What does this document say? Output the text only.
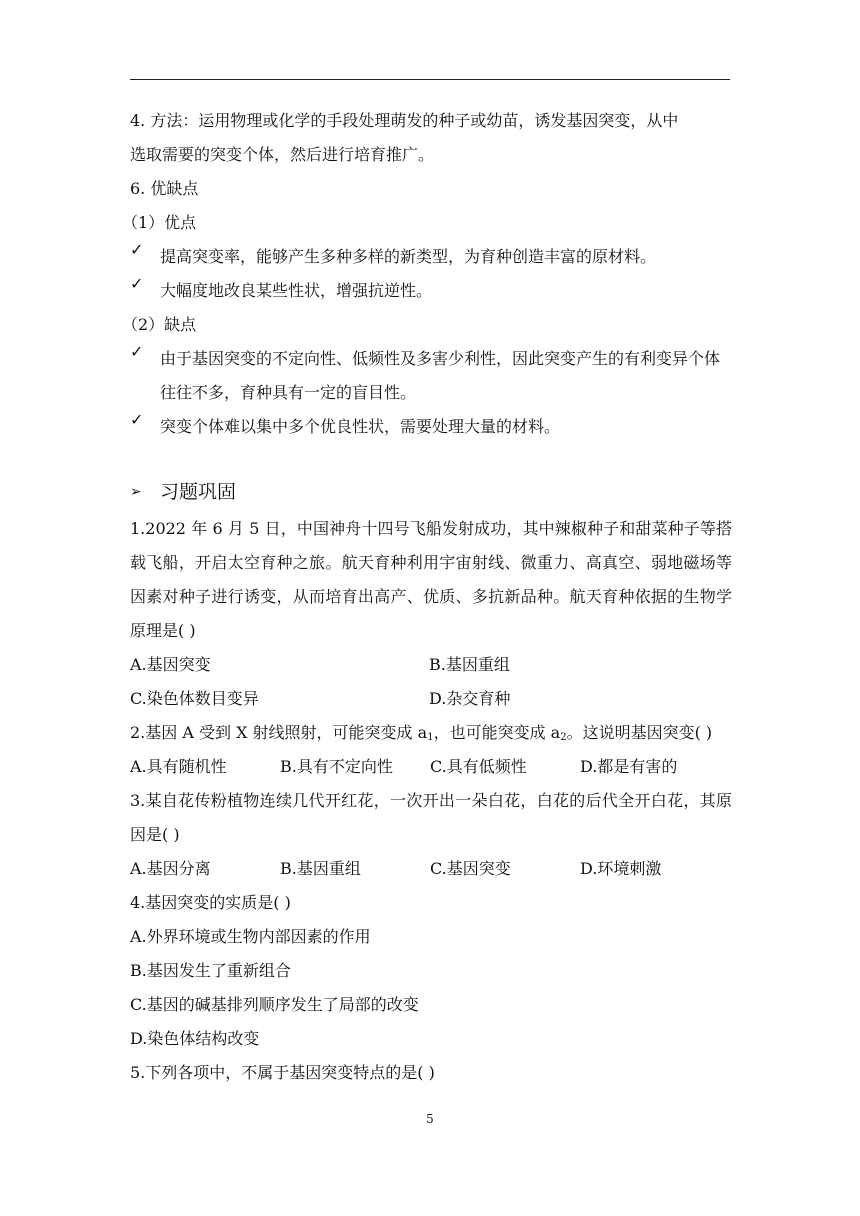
4. 方法：运用物理或化学的手段处理萌发的种子或幼苗，诱发基因突变，从中
选取需要的突变个体，然后进行培育推广。
6. 优缺点
（1）优点
✓	提高突变率，能够产生多种多样的新类型，为育种创造丰富的原材料。
✓	大幅度地改良某些性状，增强抗逆性。
（2）缺点
✓	由于基因突变的不定向性、低频性及多害少利性，因此突变产生的有利变异个体往往不多，育种具有一定的盲目性。
✓	突变个体难以集中多个优良性状，需要处理大量的材料。
➢ 习题巩固
1.2022 年 6 月 5 日，中国神舟十四号飞船发射成功，其中辣椒种子和甜菜种子等搭载飞船，开启太空育种之旅。航天育种利用宇宙射线、微重力、高真空、弱地磁场等因素对种子进行诱变，从而培育出高产、优质、多抗新品种。航天育种依据的生物学原理是( )
A.基因突变	B.基因重组
C.染色体数目变异	D.杂交育种
2.基因 A 受到 X 射线照射，可能突变成 $a_1$，也可能突变成 $a_2$。这说明基因突变( )
A.具有随机性	B.具有不定向性	C.具有低频性	D.都是有害的
3.某自花传粉植物连续几代开红花，一次开出一朵白花，白花的后代全开白花，其原因是( )
A.基因分离	B.基因重组	C.基因突变	D.环境刺激
4.基因突变的实质是( )
A.外界环境或生物内部因素的作用
B.基因发生了重新组合
C.基因的碱基排列顺序发生了局部的改变
D.染色体结构改变
5.下列各项中，不属于基因突变特点的是( )
5
